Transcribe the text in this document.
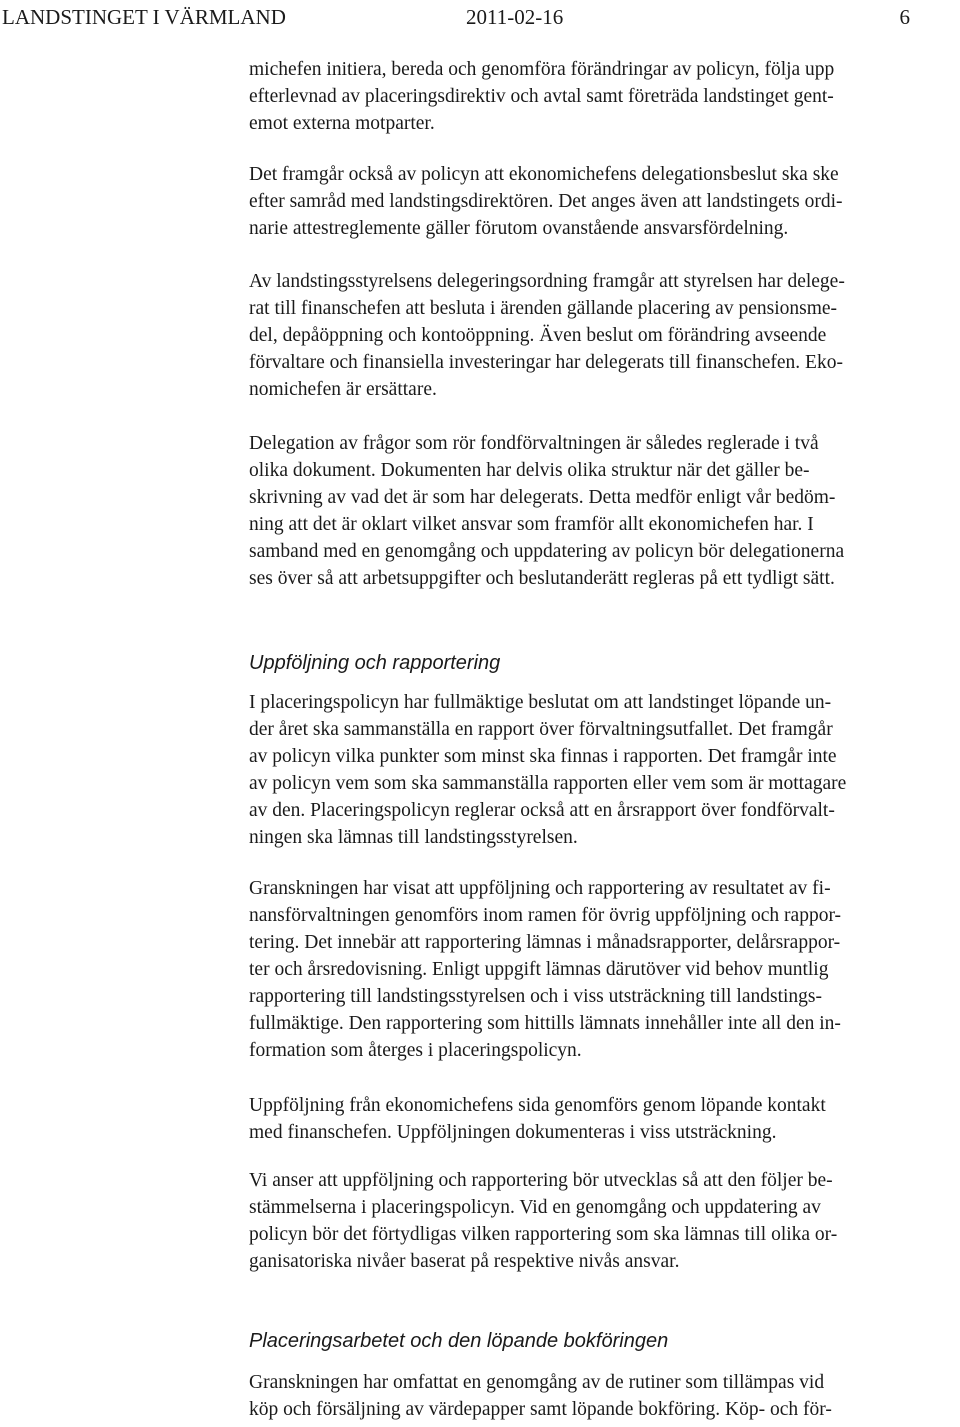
LANDSTINGET I VÄRMLAND	2011-02-16	6
michefen initiera, bereda och genomföra förändringar av policyn, följa upp
efterlevnad av placeringsdirektiv och avtal samt företräda landstinget gent-
emot externa motparter.
Det framgår också av policyn att ekonomichefens delegationsbeslut ska ske
efter samråd med landstingsdirektören. Det anges även att landstingets ordi-
narie attestreglemente gäller förutom ovanstående ansvarsfördelning.
Av landstingsstyrelsens delegeringsordning framgår att styrelsen har delege-
rat till finanschefen att besluta i ärenden gällande placering av pensionsme-
del, depåöppning och kontoöppning. Även beslut om förändring avseende
förvaltare och finansiella investeringar har delegerats till finanschefen. Eko-
nomichefen är ersättare.
Delegation av frågor som rör fondförvaltningen är således reglerade i två
olika dokument. Dokumenten har delvis olika struktur när det gäller be-
skrivning av vad det är som har delegerats. Detta medför enligt vår bedöm-
ning att det är oklart vilket ansvar som framför allt ekonomichefen har. I
samband med en genomgång och uppdatering av policyn bör delegationerna
ses över så att arbetsuppgifter och beslutanderätt regleras på ett tydligt sätt.
Uppföljning och rapportering
I placeringspolicyn har fullmäktige beslutat om att landstinget löpande un-
der året ska sammanställa en rapport över förvaltningsutfallet. Det framgår
av policyn vilka punkter som minst ska finnas i rapporten. Det framgår inte
av policyn vem som ska sammanställa rapporten eller vem som är mottagare
av den. Placeringspolicyn reglerar också att en årsrapport över fondförvalt-
ningen ska lämnas till landstingsstyrelsen.
Granskningen har visat att uppföljning och rapportering av resultatet av fi-
nansförvaltningen genomförs inom ramen för övrig uppföljning och rappor-
tering. Det innebär att rapportering lämnas i månadsrapporter, delårsrappor-
ter och årsredovisning. Enligt uppgift lämnas därutöver vid behov muntlig
rapportering till landstingsstyrelsen och i viss utsträckning till landstings-
fullmäktige. Den rapportering som hittills lämnats innehåller inte all den in-
formation som återges i placeringspolicyn.
Uppföljning från ekonomichefens sida genomförs genom löpande kontakt
med finanschefen. Uppföljningen dokumenteras i viss utsträckning.
Vi anser att uppföljning och rapportering bör utvecklas så att den följer be-
stämmelserna i placeringspolicyn. Vid en genomgång och uppdatering av
policyn bör det förtydligas vilken rapportering som ska lämnas till olika or-
ganisatoriska nivåer baserat på respektive nivås ansvar.
Placeringsarbetet och den löpande bokföringen
Granskningen har omfattat en genomgång av de rutiner som tillämpas vid
köp och försäljning av värdepapper samt löpande bokföring. Köp- och för-
